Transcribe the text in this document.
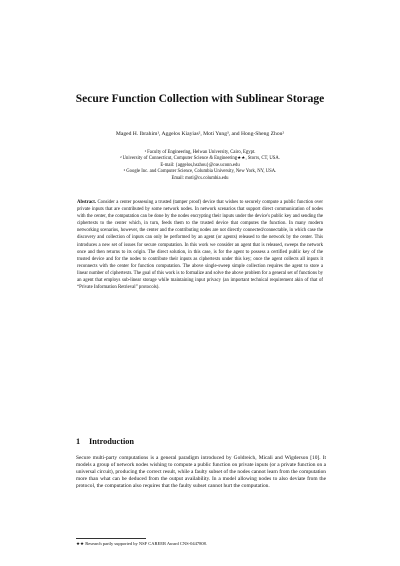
Secure Function Collection with Sublinear Storage
Maged H. Ibrahim¹, Aggelos Kiayias², Moti Yung³, and Hong-Sheng Zhou²
¹ Faculty of Engineering, Helwan University, Cairo, Egypt.
² University of Connecticut, Computer Science & Engineering★★, Storrs, CT, USA.
E-mail: {aggelos,hszhou}@cse.uconn.edu
³ Google Inc. and Computer Science, Columbia University, New York, NY, USA.
Email: moti@cs.columbia.edu
Abstract. Consider a center possessing a trusted (tamper proof) device that wishes to securely compute a public function over private inputs that are contributed by some network nodes. In network scenarios that support direct communication of nodes with the center, the computation can be done by the nodes encrypting their inputs under the device's public key and sending the ciphertexts to the center which, in turn, feeds them to the trusted device that computes the function. In many modern networking scenarios, however, the center and the contributing nodes are not directly connected/connectable, in which case the discovery and collection of inputs can only be performed by an agent (or agents) released to the network by the center. This introduces a new set of issues for secure computation. In this work we consider an agent that is released, sweeps the network once and then returns to its origin. The direct solution, in this case, is for the agent to possess a certified public key of the trusted device and for the nodes to contribute their inputs as ciphertexts under this key; once the agent collects all inputs it reconnects with the center for function computation. The above single-sweep simple collection requires the agent to store a linear number of ciphertexts. The goal of this work is to formalize and solve the above problem for a general set of functions by an agent that employs sub-linear storage while maintaining input privacy (an important technical requirement akin of that of “Private Information Retrieval” protocols).
1 Introduction
Secure multi-party computations is a general paradigm introduced by Goldreich, Micali and Wigderson [10]. It models a group of network nodes wishing to compute a public function on private inputs (or a private function on a universal circuit), producing the correct result, while a faulty subset of the nodes cannot learn from the computation more than what can be deduced from the output availability. In a model allowing nodes to also deviate from the protocol, the computation also requires that the faulty subset cannot hurt the computation.
★★ Research partly supported by NSF CAREER Award CNS-0447808.
